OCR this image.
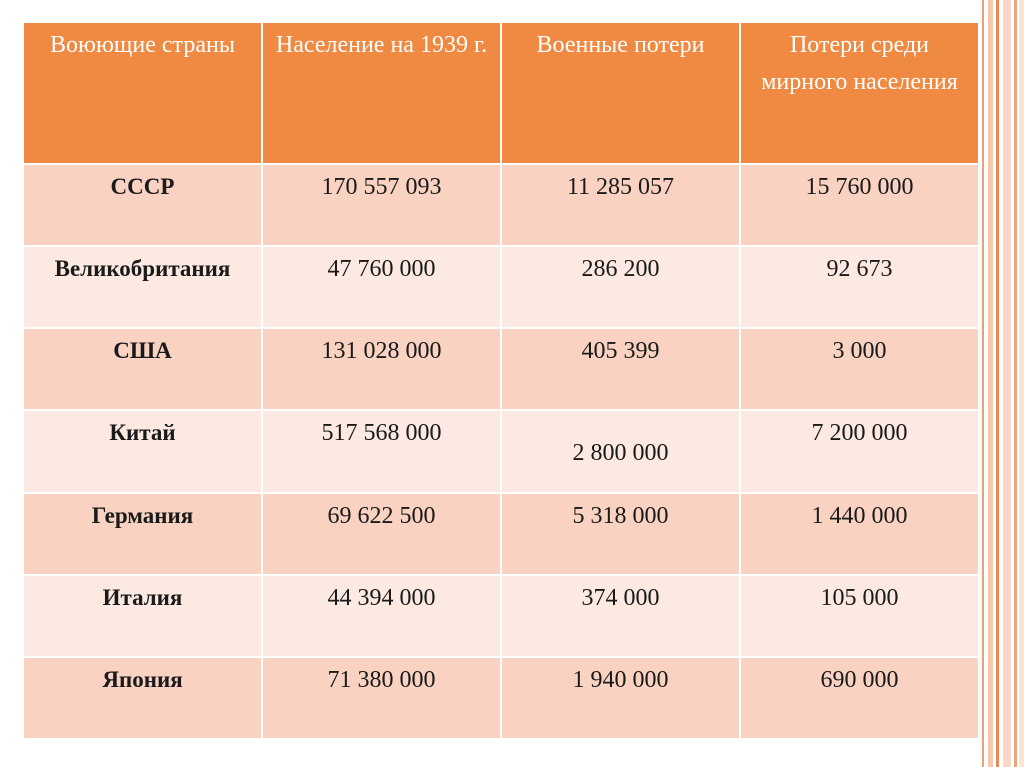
Воюющие страны	Население на 1939 г.	Военные потери	Потери среди мирного населения
СССР	170 557 093	11 285 057	15 760 000
Великобритания	47 760 000	286 200	92 673
США	131 028 000	405 399	3 000
Китай	517 568 000	2 800 000	7 200 000
Германия	69 622 500	5 318 000	1 440 000
Италия	44 394 000	374 000	105 000
Япония	71 380 000	1 940 000	690 000
